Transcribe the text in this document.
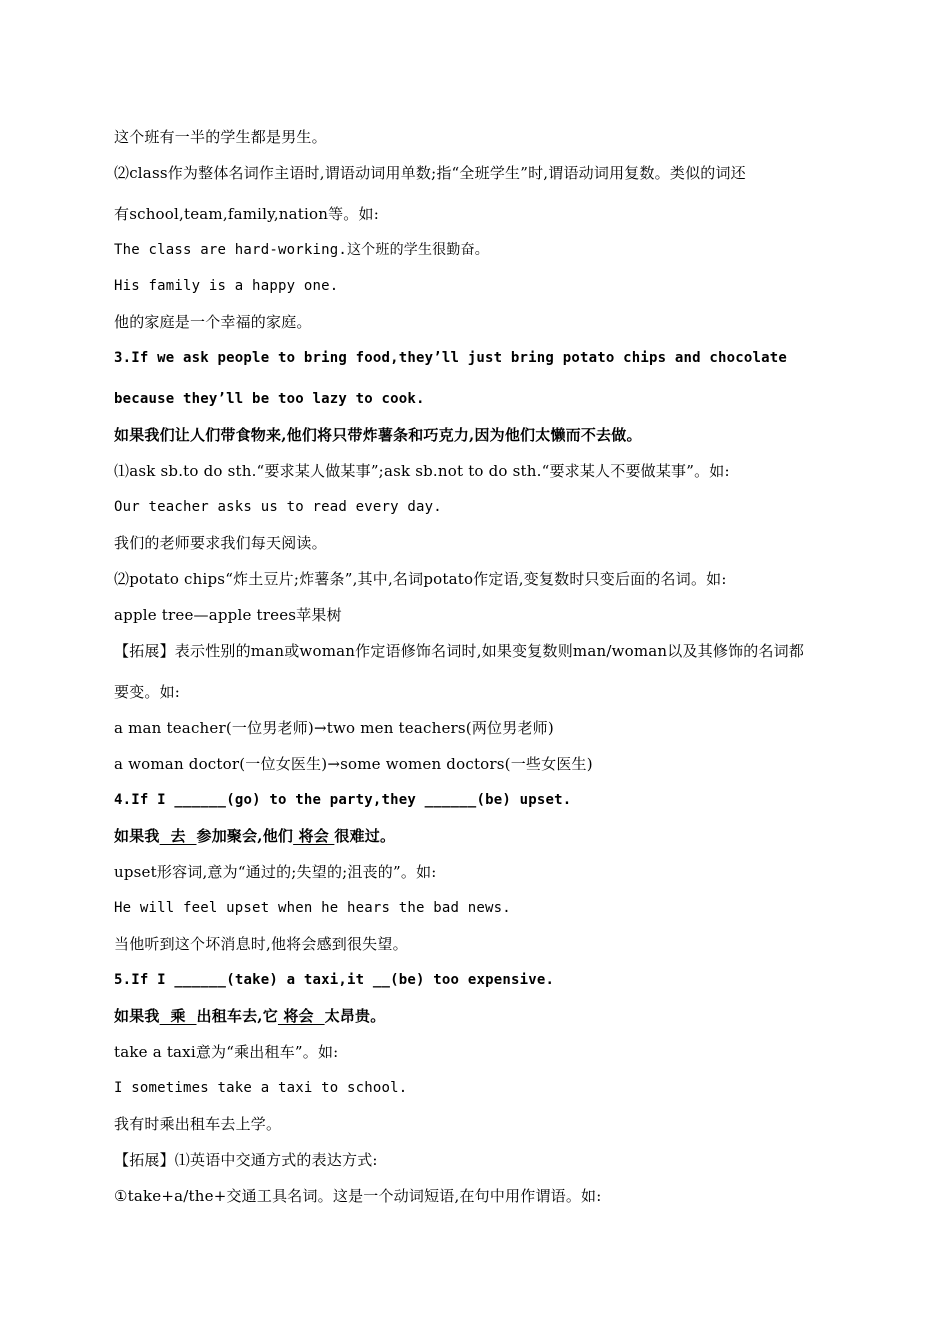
这个班有一半的学生都是男生。
⑵class作为整体名词作主语时,谓语动词用单数;指“全班学生”时,谓语动词用复数。类似的词还
有school,team,family,nation等。如:
The class are hard-working.这个班的学生很勤奋。
His family is a happy one.
他的家庭是一个幸福的家庭。
3.If we ask people to bring food,they’ll just bring potato chips and chocolate
because they’ll be too lazy to cook.
如果我们让人们带食物来,他们将只带炸薯条和巧克力,因为他们太懒而不去做。
⑴ask sb.to do sth.“要求某人做某事”;ask sb.not to do sth.“要求某人不要做某事”。如:
Our teacher asks us to read every day.
我们的老师要求我们每天阅读。
⑵potato chips“炸土豆片;炸薯条”,其中,名词potato作定语,变复数时只变后面的名词。如:
apple tree—apple trees苹果树
【拓展】表示性别的man或woman作定语修饰名词时,如果变复数则man/woman以及其修饰的名词都
要变。如:
a man teacher(一位男老师)→two men teachers(两位男老师)
a woman doctor(一位女医生)→some women doctors(一些女医生)
4.If I ______(go) to the party,they ______(be) upset.
如果我  去  参加聚会,他们 将会 很难过。
upset形容词,意为“通过的;失望的;沮丧的”。如:
He will feel upset when he hears the bad news.
当他听到这个坏消息时,他将会感到很失望。
5.If I ______(take) a taxi,it __(be) too expensive.
如果我  乘  出租车去,它 将会  太昂贵。
take a taxi意为“乘出租车”。如:
I sometimes take a taxi to school.
我有时乘出租车去上学。
【拓展】⑴英语中交通方式的表达方式:
①take+a/the+交通工具名词。这是一个动词短语,在句中用作谓语。如:
